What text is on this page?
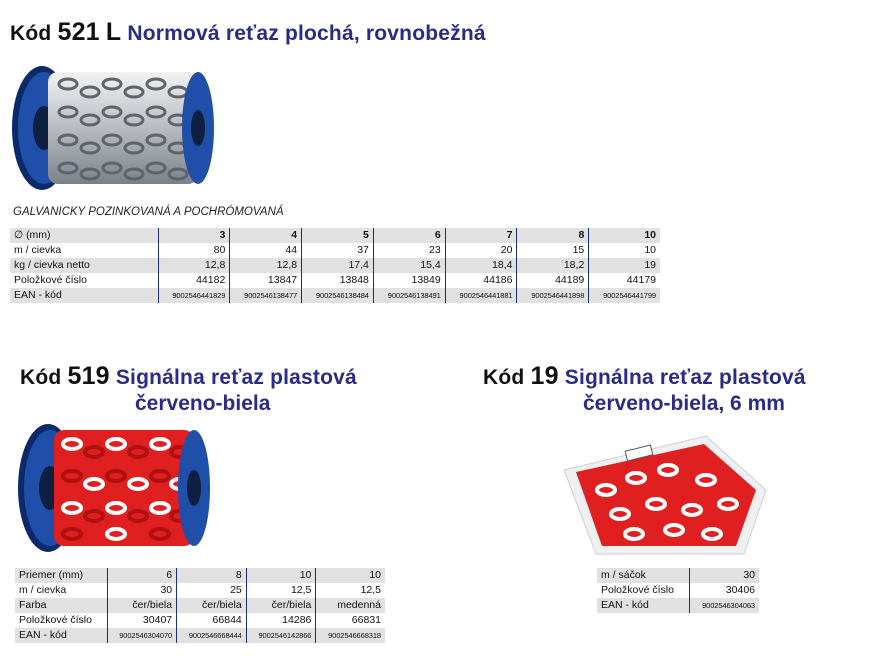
Kód 521 L Normová reťaz plochá, rovnobežná
GALVANICKY POZINKOVANÁ A POCHRÓMOVANÁ
∅ (mm)	3	4	5	6	7	8	10
m / cievka	80	44	37	23	20	15	10
kg / cievka netto	12,8	12,8	17,4	15,4	18,4	18,2	19
Položkové číslo	44182	13847	13848	13849	44186	44189	44179
EAN - kód	9002546441829	9002546138477	9002546138484	9002546138491	9002546441881	9002546441898	9002546441799
Kód 519 Signálna reťaz plastová
červeno-biela
Priemer (mm)	6	8	10	10
m / cievka	30	25	12,5	12,5
Farba	čer/biela	čer/biela	čer/biela	medenná
Položkové číslo	30407	66844	14286	66831
EAN - kód	9002546304070	9002546668444	9002546142866	9002546668318
Kód 19 Signálna reťaz plastová
červeno-biela, 6 mm
m / sáčok	30
Položkové číslo	30406
EAN - kód	9002546304063
